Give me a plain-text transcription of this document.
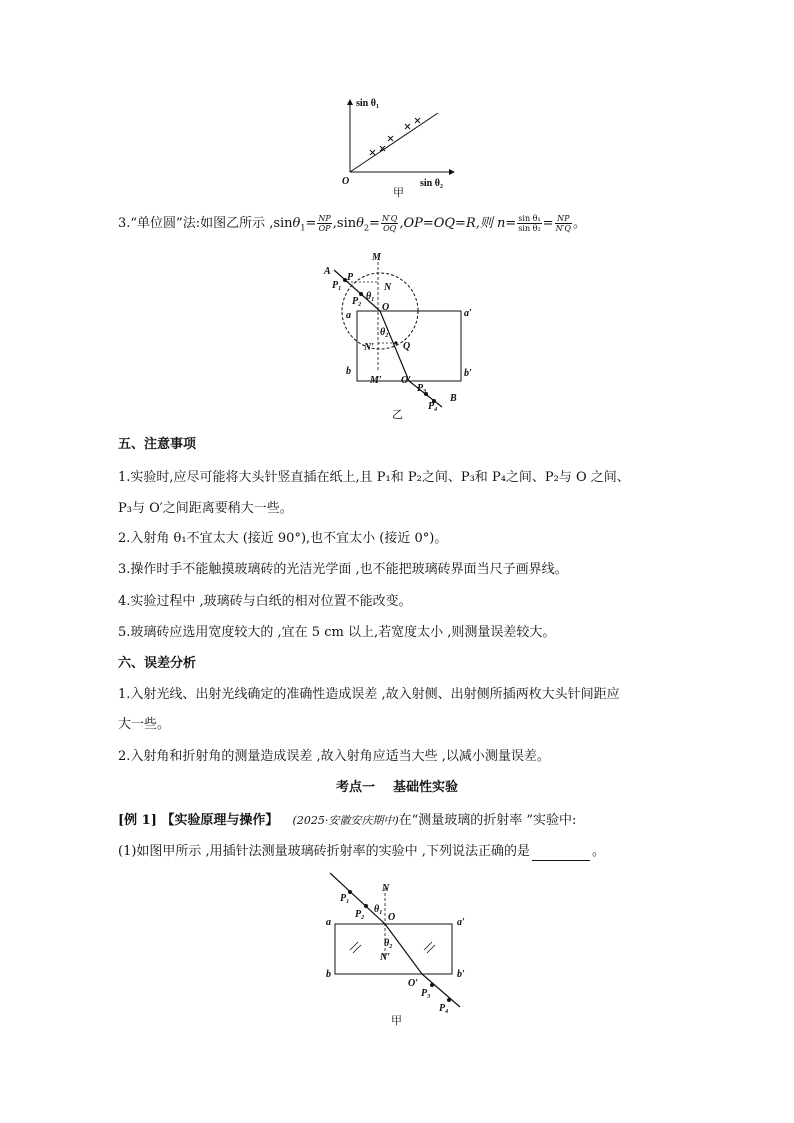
sin θ₁
sin θ₂
O
甲
3.“单位圆”法:如图乙所示 $,\sin\theta_1= \frac{NP}{OP} ,\sin\theta_2= \frac{N'Q}{OQ} ,OP=OQ=R$,则 $n= \frac{\text{sin θ₁}}{\text{sin θ₂}} = \frac{NP}{N'Q}$ 。
A
M
P
$P_1$	N
$\theta_1$
$P_2$ O
a	a′
$\theta_2$
N′	Q
b	b′
M′ O′
$P_3$
$P_4$
B
乙
五、注意事项
1.实验时,应尽可能将大头针竖直插在纸上,且 P₁和 P₂之间、P₃和 P₄之间、P₂与 O 之间、
P₃与 O′之间距离要稍大一些。
2.入射角 θ₁不宜太大 (接近 90°),也不宜太小 (接近 0°)。
3.操作时手不能触摸玻璃砖的光洁光学面 ,也不能把玻璃砖界面当尺子画界线。
4.实验过程中 ,玻璃砖与白纸的相对位置不能改变。
5.玻璃砖应选用宽度较大的 ,宜在 5 cm 以上,若宽度太小 ,则测量误差较大。
六、误差分析
1.入射光线、出射光线确定的准确性造成误差 ,故入射侧、出射侧所插两枚大头针间距应
大一些。
2.入射角和折射角的测量造成误差 ,故入射角应适当大些 ,以减小测量误差。
考点一    基础性实验
[例 1] 【实验原理与操作】 (2025·安徽安庆期中)在“测量玻璃的折射率 ”实验中:
(1)如图甲所示 ,用插针法测量玻璃砖折射率的实验中 ,下列说法正确的是	。
$P_1$
N
$\theta_1$
$P_2$ O
a	a′
$\theta_2$
N′
b	b′
O′
$P_3$
$P_4$
甲
